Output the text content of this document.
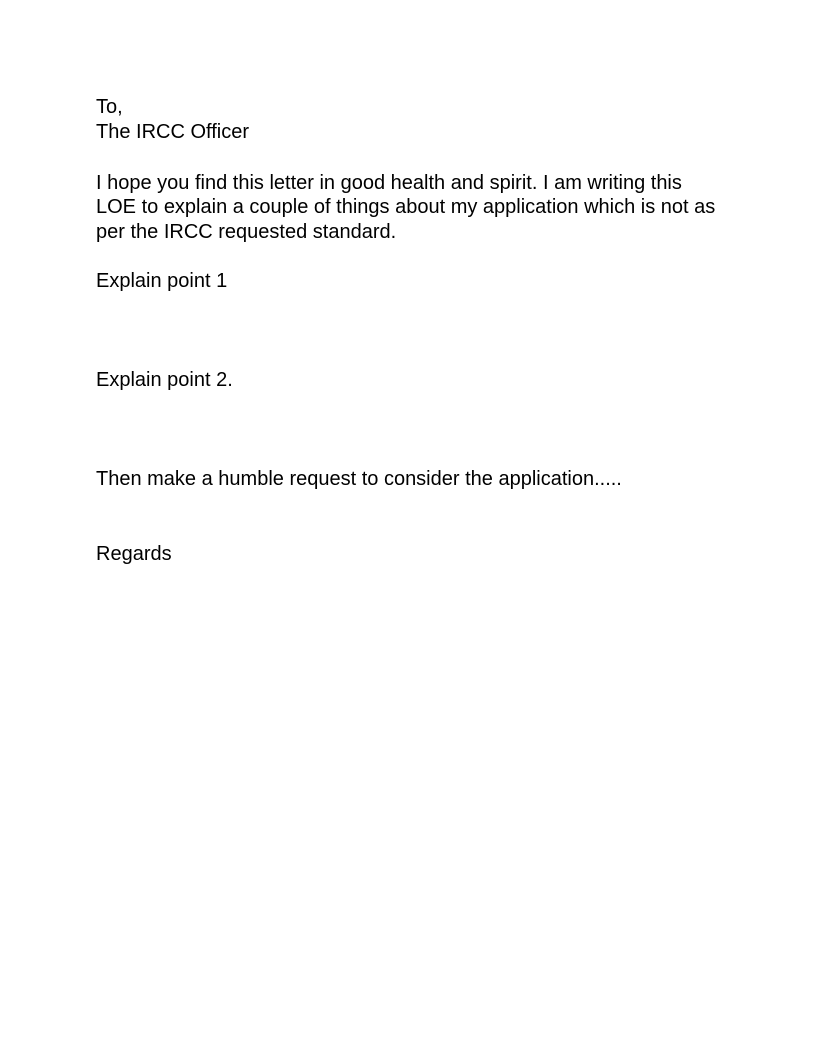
To,

The IRCC Officer

I hope you find this letter in good health and spirit. I am writing this

LOE to explain a couple of things about my application which is not as

per the IRCC requested standard.

Explain point 1

Explain point 2.

Then make a humble request to consider the application.....

Regards
